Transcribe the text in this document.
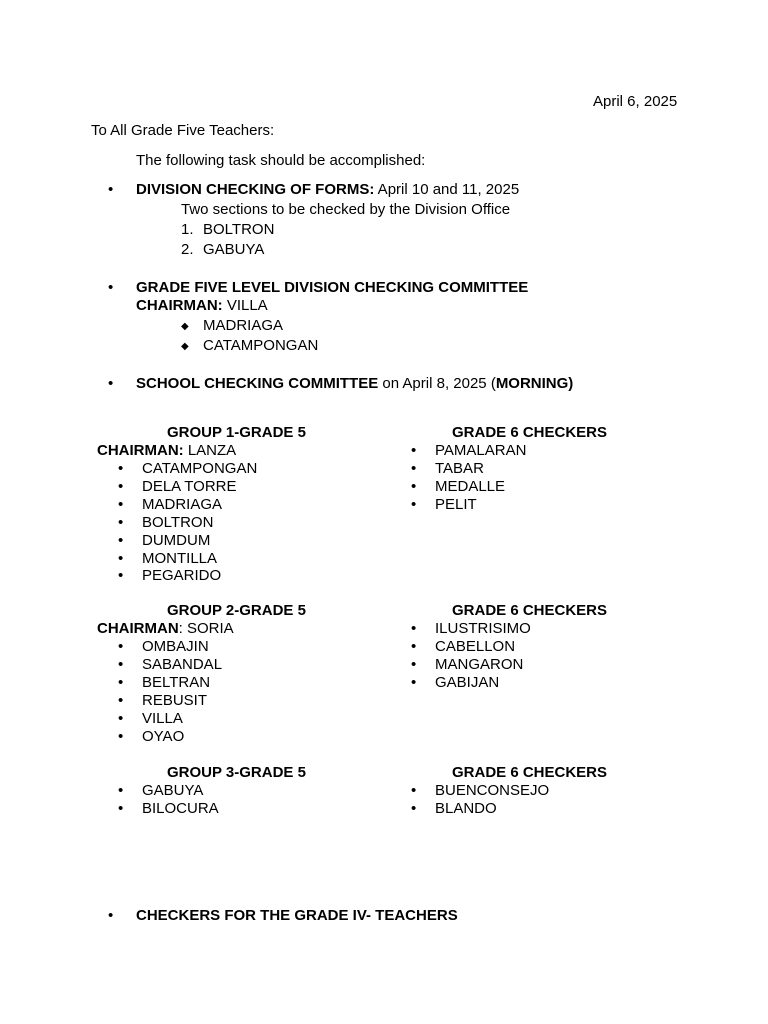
April 6, 2025
To All Grade Five Teachers:
The following task should be accomplished:
•	DIVISION CHECKING OF FORMS: April 10 and 11, 2025
Two sections to be checked by the Division Office
1. BOLTRON
2. GABUYA
•	GRADE FIVE LEVEL DIVISION CHECKING COMMITTEE
CHAIRMAN: VILLA
◆ MADRIAGA
◆ CATAMPONGAN
•	SCHOOL CHECKING COMMITTEE on April 8, 2025 (MORNING)
GROUP 1-GRADE 5	GRADE 6 CHECKERS
CHAIRMAN: LANZA
• CATAMPONGAN
• DELA TORRE
• MADRIAGA
• BOLTRON
• DUMDUM
• MONTILLA
• PEGARIDO
• PAMALARAN
• TABAR
• MEDALLE
• PELIT
GROUP 2-GRADE 5	GRADE 6 CHECKERS
CHAIRMAN: SORIA
• OMBAJIN
• SABANDAL
• BELTRAN
• REBUSIT
• VILLA
• OYAO
• ILUSTRISIMO
• CABELLON
• MANGARON
• GABIJAN
GROUP 3-GRADE 5	GRADE 6 CHECKERS
• GABUYA
• BILOCURA
• BUENCONSEJO
• BLANDO
•	CHECKERS FOR THE GRADE IV- TEACHERS
